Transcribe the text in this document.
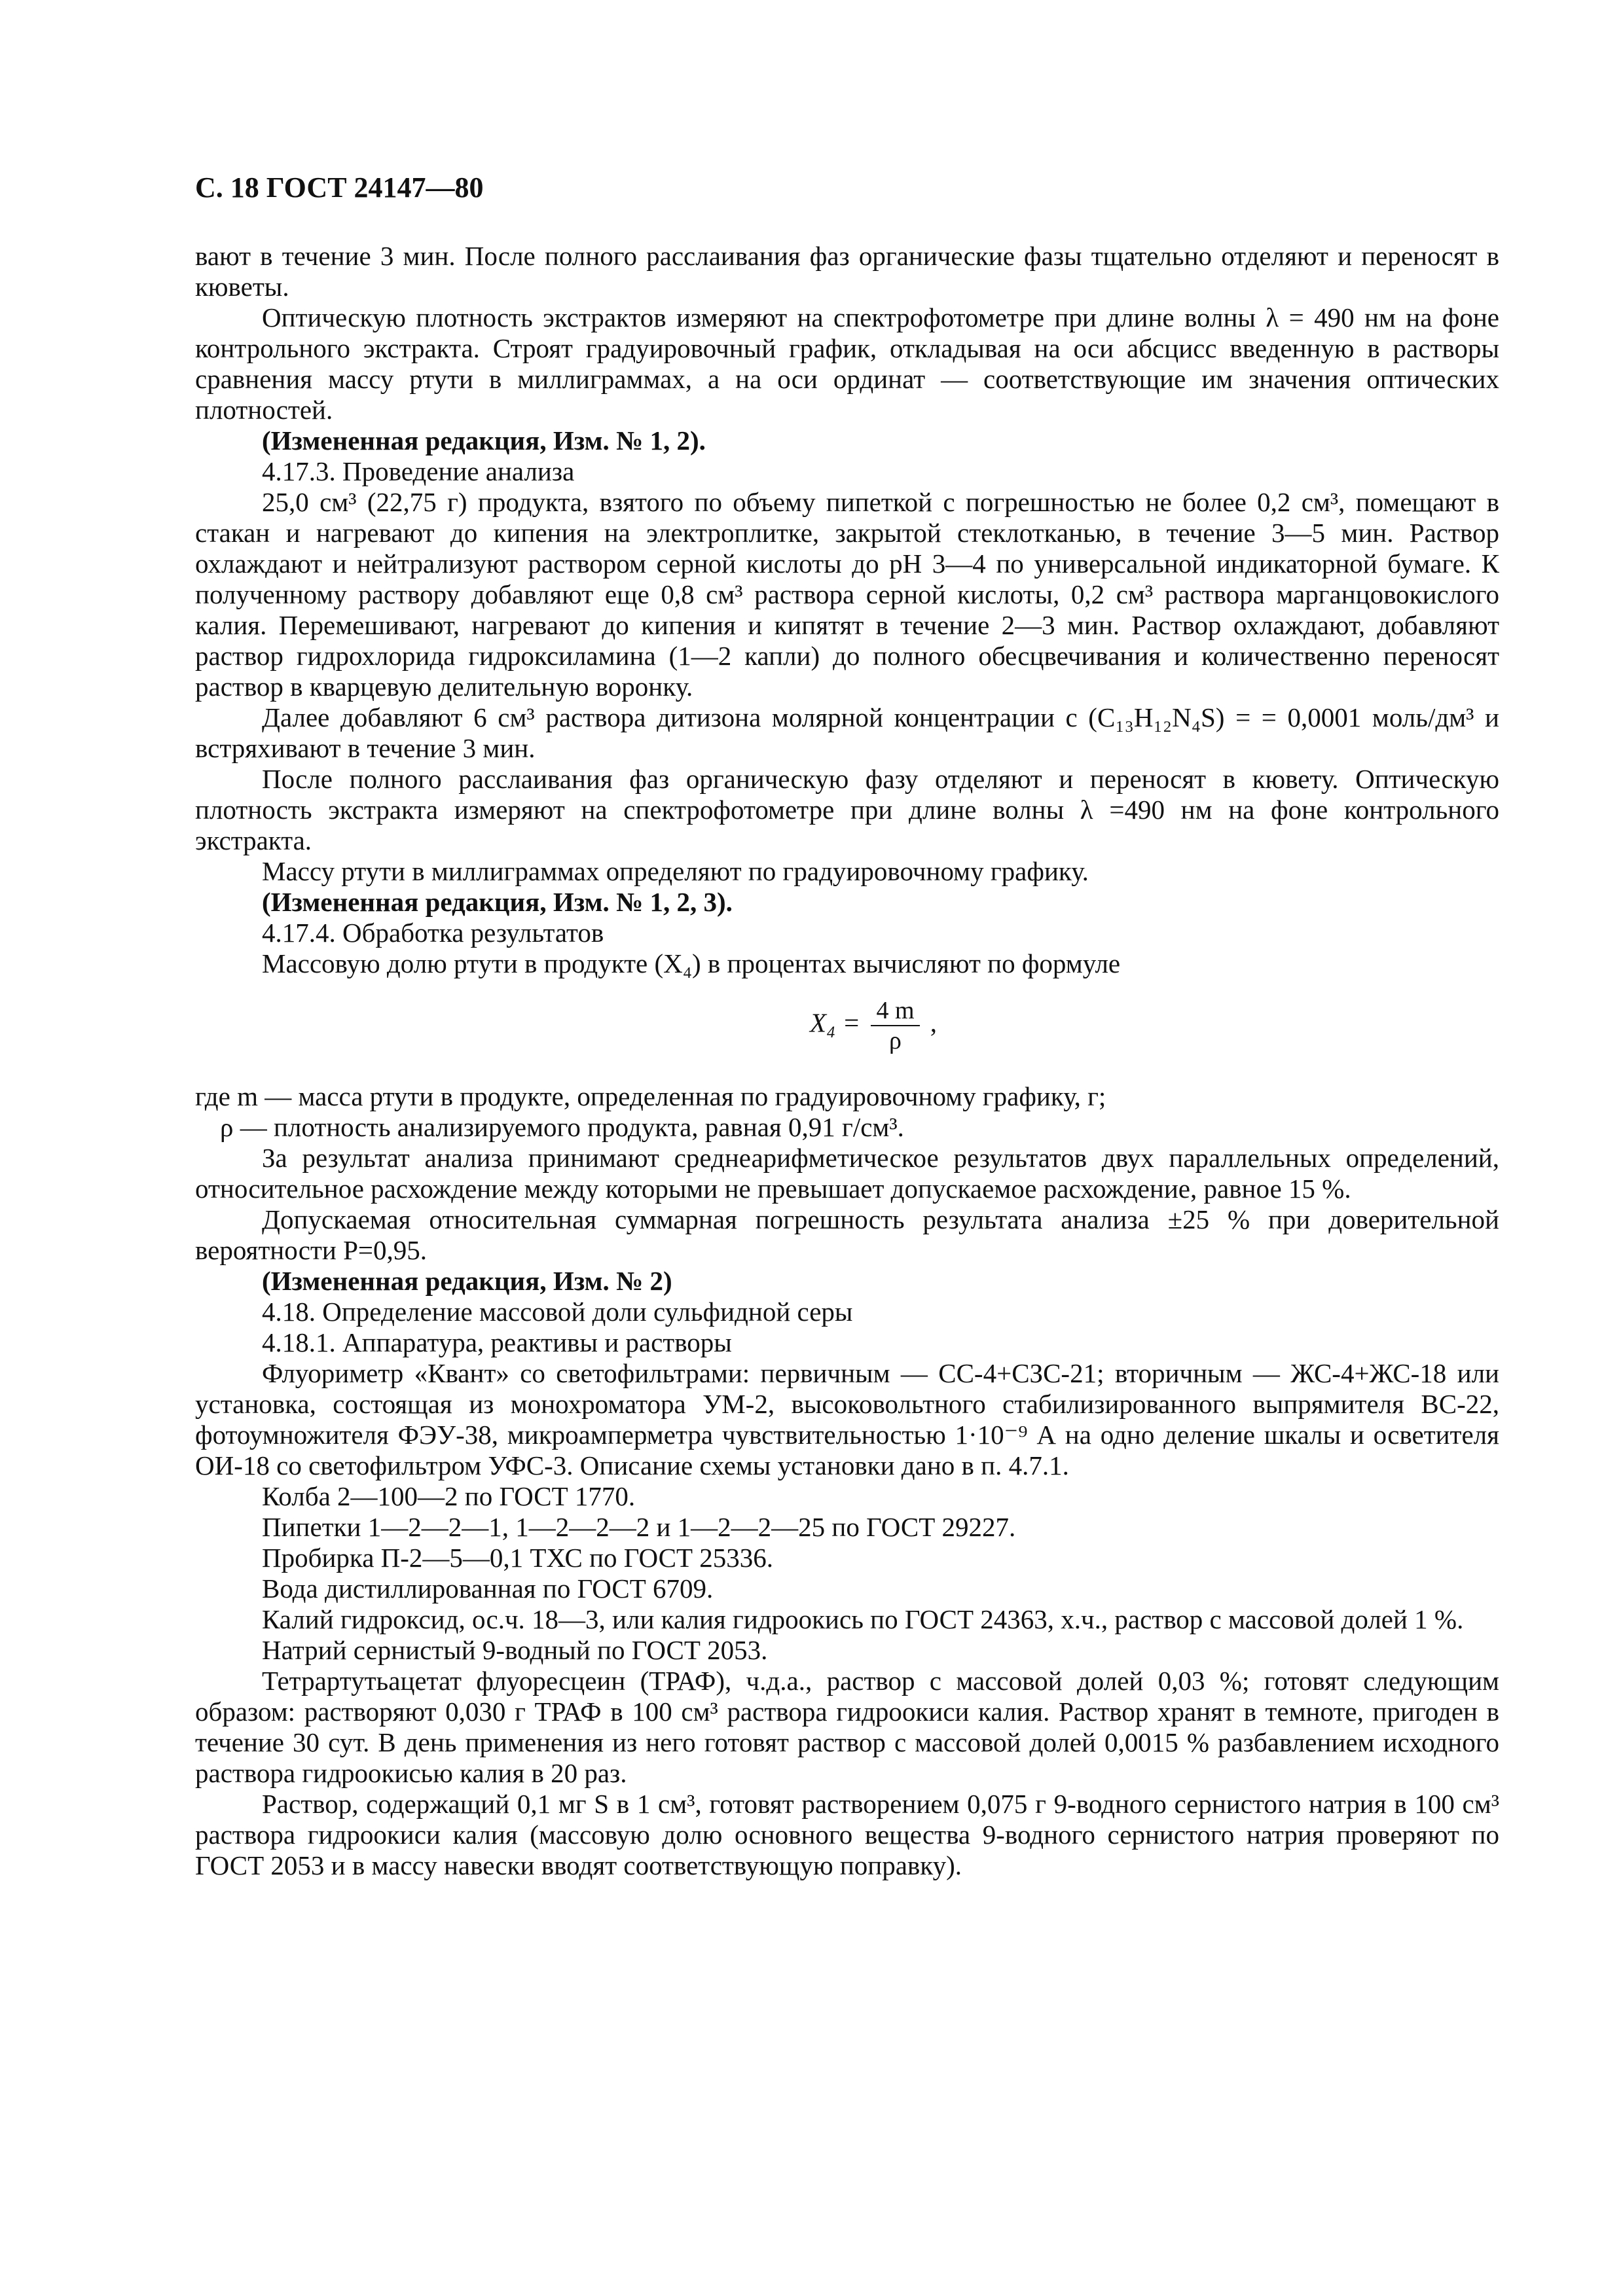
С. 18 ГОСТ 24147—80

вают в течение 3 мин. После полного расслаивания фаз органические фазы тщательно отделяют и переносят в кюветы.

Оптическую плотность экстрактов измеряют на спектрофотометре при длине волны λ = 490 нм на фоне контрольного экстракта. Строят градуировочный график, откладывая на оси абсцисс введенную в растворы сравнения массу ртути в миллиграммах, а на оси ординат — соответствующие им значения оптических плотностей.

(Измененная редакция, Изм. № 1, 2).

4.17.3. Проведение анализа

25,0 см³ (22,75 г) продукта, взятого по объему пипеткой с погрешностью не более 0,2 см³, помещают в стакан и нагревают до кипения на электроплитке, закрытой стеклотканью, в течение 3—5 мин. Раствор охлаждают и нейтрализуют раствором серной кислоты до рН 3—4 по универсальной индикаторной бумаге. К полученному раствору добавляют еще 0,8 см³ раствора серной кислоты, 0,2 см³ раствора марганцовокислого калия. Перемешивают, нагревают до кипения и кипятят в течение 2—3 мин. Раствор охлаждают, добавляют раствор гидрохлорида гидроксиламина (1—2 капли) до полного обесцвечивания и количественно переносят раствор в кварцевую делительную воронку.

Далее добавляют 6 см³ раствора дитизона молярной концентрации c (C₁₃H₁₂N₄S) = = 0,0001 моль/дм³ и встряхивают в течение 3 мин.

После полного расслаивания фаз органическую фазу отделяют и переносят в кювету. Оптическую плотность экстракта измеряют на спектрофотометре при длине волны λ =490 нм на фоне контрольного экстракта.

Массу ртути в миллиграммах определяют по градуировочному графику.

(Измененная редакция, Изм. № 1, 2, 3).

4.17.4. Обработка результатов

Массовую долю ртути в продукте (X₄) в процентах вычисляют по формуле

$X_4 = \frac{4 m}{\rho}$ ,

где m — масса ртути в продукте, определенная по градуировочному графику, г;

ρ — плотность анализируемого продукта, равная 0,91 г/см³.

За результат анализа принимают среднеарифметическое результатов двух параллельных определений, относительное расхождение между которыми не превышает допускаемое расхождение, равное 15 %.

Допускаемая относительная суммарная погрешность результата анализа ±25 % при доверительной вероятности P=0,95.

(Измененная редакция, Изм. № 2)

4.18. Определение массовой доли сульфидной серы

4.18.1. Аппаратура, реактивы и растворы

Флуориметр «Квант» со светофильтрами: первичным — СС-4+СЗС-21; вторичным — ЖС-4+ЖС-18 или установка, состоящая из монохроматора УМ-2, высоковольтного стабилизированного выпрямителя ВС-22, фотоумножителя ФЭУ-38, микроамперметра чувствительностью 1·10⁻⁹ А на одно деление шкалы и осветителя ОИ-18 со светофильтром УФС-3. Описание схемы установки дано в п. 4.7.1.

Колба 2—100—2 по ГОСТ 1770.

Пипетки 1—2—2—1, 1—2—2—2 и 1—2—2—25 по ГОСТ 29227.

Пробирка П-2—5—0,1 ТХС по ГОСТ 25336.

Вода дистиллированная по ГОСТ 6709.

Калий гидроксид, ос.ч. 18—3, или калия гидроокись по ГОСТ 24363, х.ч., раствор с массовой долей 1 %.

Натрий сернистый 9-водный по ГОСТ 2053.

Тетрартутьацетат флуоресцеин (ТРАФ), ч.д.а., раствор с массовой долей 0,03 %; готовят следующим образом: растворяют 0,030 г ТРАФ в 100 см³ раствора гидроокиси калия. Раствор хранят в темноте, пригоден в течение 30 сут. В день применения из него готовят раствор с массовой долей 0,0015 % разбавлением исходного раствора гидроокисью калия в 20 раз.

Раствор, содержащий 0,1 мг S в 1 см³, готовят растворением 0,075 г 9-водного сернистого натрия в 100 см³ раствора гидроокиси калия (массовую долю основного вещества 9-водного сернистого натрия проверяют по ГОСТ 2053 и в массу навески вводят соответствующую поправку).
